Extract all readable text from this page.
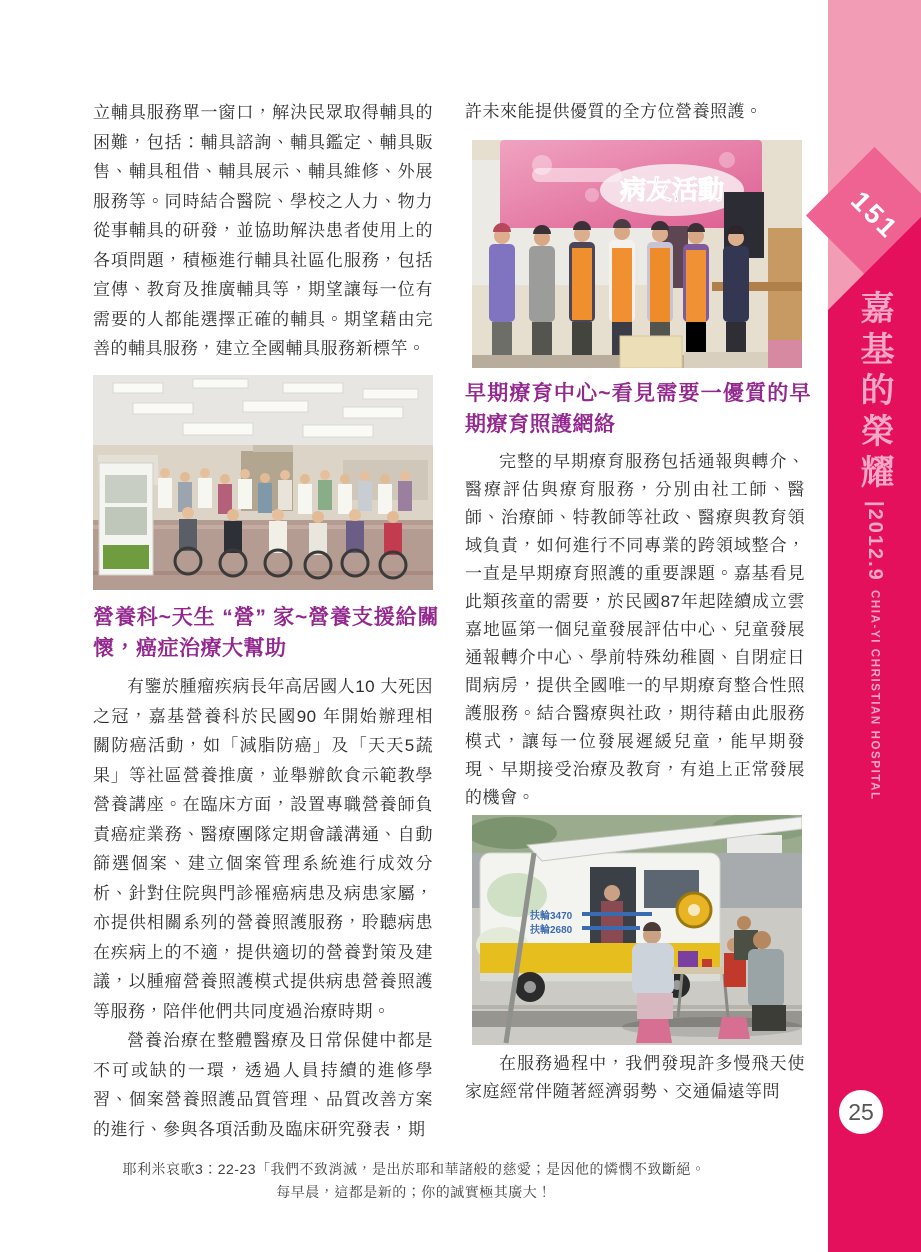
立輔具服務單一窗口，解決民眾取得輔具的困難，包括：輔具諮詢、輔具鑑定、輔具販售、輔具租借、輔具展示、輔具維修、外展服務等。同時結合醫院、學校之人力、物力從事輔具的研發，並協助解決患者使用上的各項問題，積極進行輔具社區化服務，包括宣傳、教育及推廣輔具等，期望讓每一位有需要的人都能選擇正確的輔具。期望藉由完善的輔具服務，建立全國輔具服務新標竿。

營養科~天生 “營” 家~營養支援給關懷，癌症治療大幫助

有鑒於腫瘤疾病長年高居國人10 大死因之冠，嘉基營養科於民國90 年開始辦理相關防癌活動，如「減脂防癌」及「天天5蔬果」等社區營養推廣，並舉辦飲食示範教學營養講座。在臨床方面，設置專職營養師負責癌症業務、醫療團隊定期會議溝通、自動篩選個案、建立個案管理系統進行成效分析、針對住院與門診罹癌病患及病患家屬，亦提供相關系列的營養照護服務，聆聽病患在疾病上的不適，提供適切的營養對策及建議，以腫瘤營養照護模式提供病患營養照護等服務，陪伴他們共同度過治療時期。

營養治療在整體醫療及日常保健中都是不可或缺的一環，透過人員持續的進修學習、個案營養照護品質管理、品質改善方案的進行、參與各項活動及臨床研究發表，期

許未來能提供優質的全方位營養照護。

病友活動
早期療育中心~看見需要一優質的早期療育照護網絡

完整的早期療育服務包括通報與轉介、醫療評估與療育服務，分別由社工師、醫師、治療師、特教師等社政、醫療與教育領域負責，如何進行不同專業的跨領域整合，一直是早期療育照護的重要課題。嘉基看見此類孩童的需要，於民國87年起陸續成立雲嘉地區第一個兒童發展評估中心、兒童發展通報轉介中心、學前特殊幼稚園、自閉症日間病房，提供全國唯一的早期療育整合性照護服務。結合醫療與社政，期待藉由此服務模式，讓每一位發展遲緩兒童，能早期發現、早期接受治療及教育，有追上正常發展的機會。

扶輪3470
扶輪2680

在服務過程中，我們發現許多慢飛天使家庭經常伴隨著經濟弱勢、交通偏遠等問

151
嘉基的榮耀
|2012.9
CHIA-YI CHRISTIAN HOSPITAL
25
耶利米哀歌3：22-23「我們不致消滅，是出於耶和華諸般的慈愛；是因他的憐憫不致斷絕。
每早晨，這都是新的；你的誠實極其廣大！
